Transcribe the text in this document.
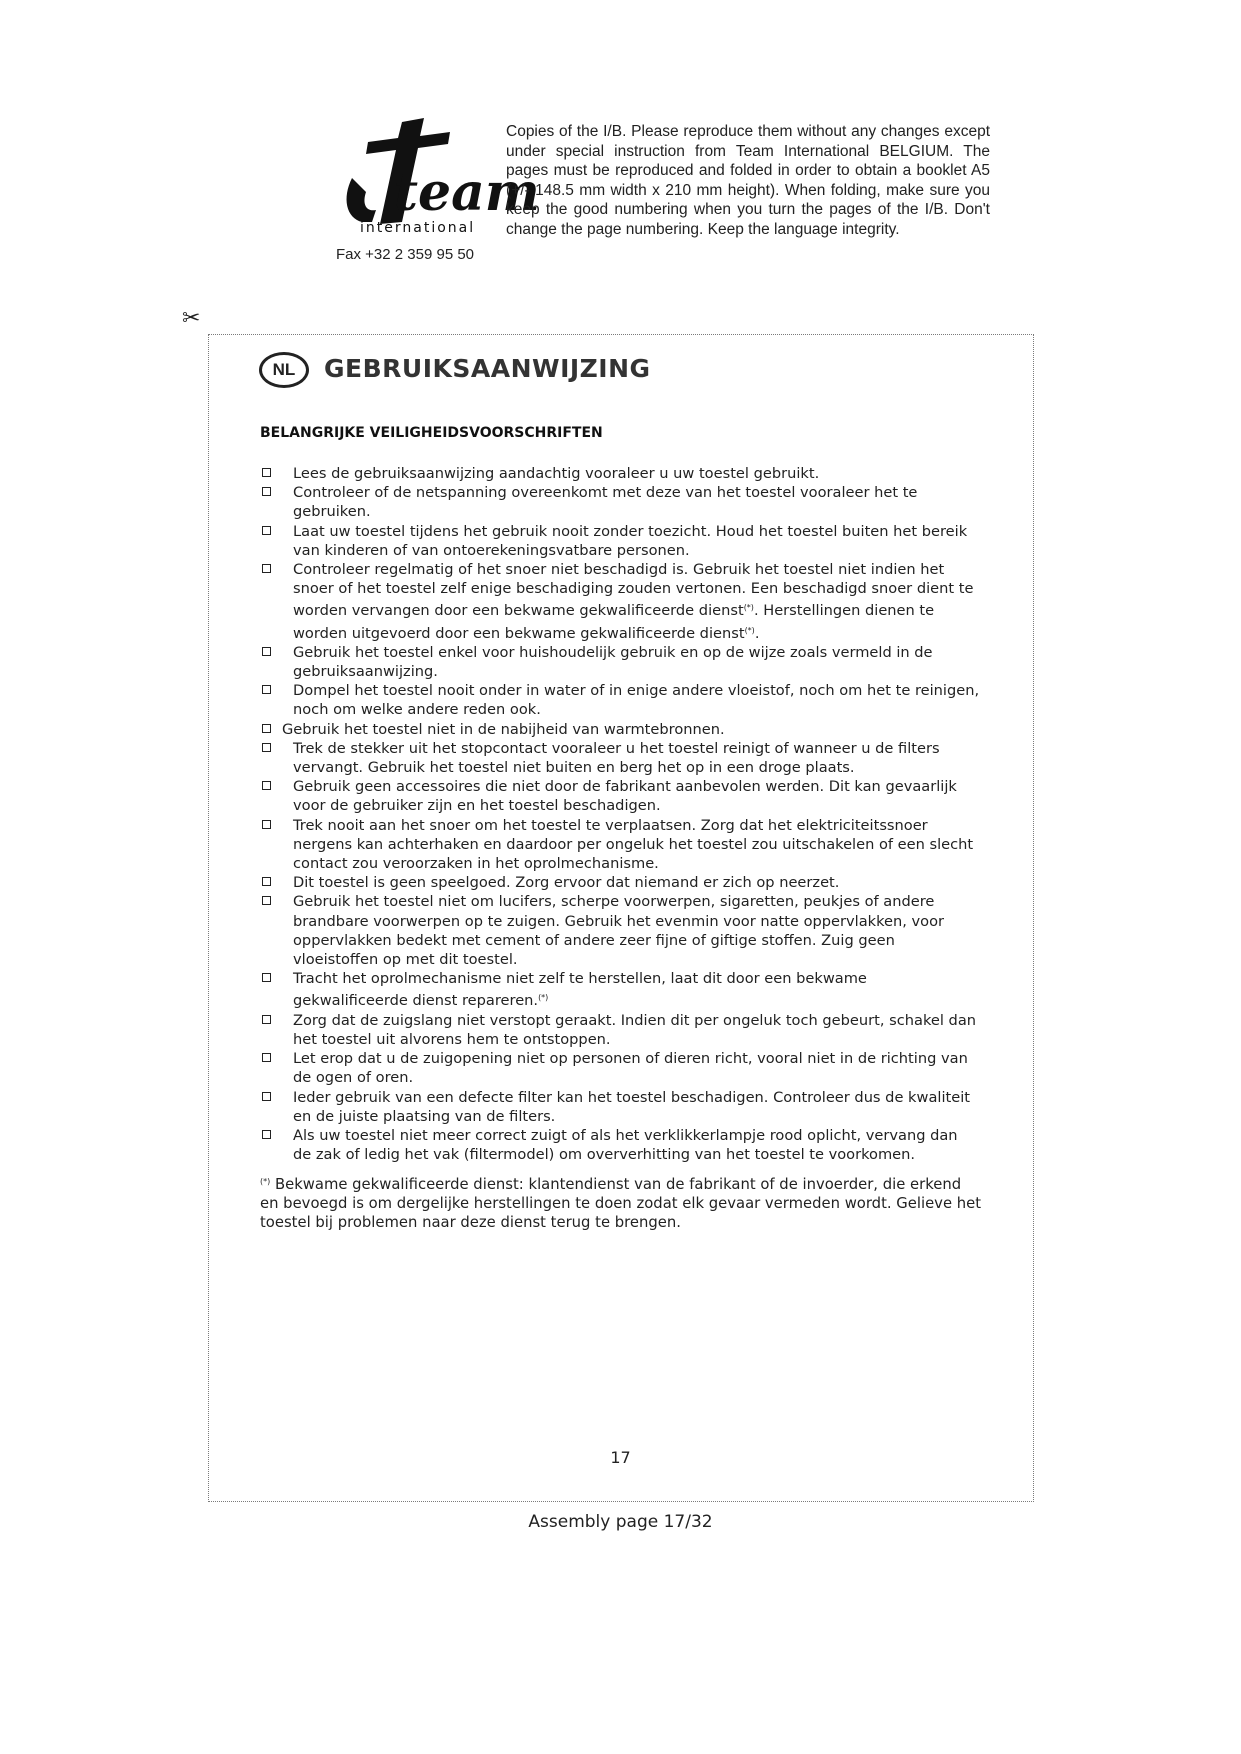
team
international
Fax +32 2 359 95 50
Copies of the I/B. Please reproduce them without any changes except under special instruction from Team International BELGIUM. The pages must be reproduced and folded in order to obtain a booklet A5 (+/- 148.5 mm width x 210 mm height). When folding, make sure you keep the good numbering when you turn the pages of the I/B. Don't change the page numbering. Keep the language integrity.
✂
NL	GEBRUIKSAANWIJZING
BELANGRIJKE VEILIGHEIDSVOORSCHRIFTEN
Lees de gebruiksaanwijzing aandachtig vooraleer u uw toestel gebruikt.
Controleer of de netspanning overeenkomt met deze van het toestel vooraleer het te gebruiken.
Laat uw toestel tijdens het gebruik nooit zonder toezicht. Houd het toestel buiten het bereik van kinderen of van ontoerekeningsvatbare personen.
Controleer regelmatig of het snoer niet beschadigd is. Gebruik het toestel niet indien het snoer of het toestel zelf enige beschadiging zouden vertonen. Een beschadigd snoer dient te worden vervangen door een bekwame gekwalificeerde dienst(*). Herstellingen dienen te worden uitgevoerd door een bekwame gekwalificeerde dienst(*).
Gebruik het toestel enkel voor huishoudelijk gebruik en op de wijze zoals vermeld in de gebruiksaanwijzing.
Dompel het toestel nooit onder in water of in enige andere vloeistof, noch om het te reinigen, noch om welke andere reden ook.
Gebruik het toestel niet in de nabijheid van warmtebronnen.
Trek de stekker uit het stopcontact vooraleer u het toestel reinigt of wanneer u de filters vervangt. Gebruik het toestel niet buiten en berg het op in een droge plaats.
Gebruik geen accessoires die niet door de fabrikant aanbevolen werden. Dit kan gevaarlijk voor de gebruiker zijn en het toestel beschadigen.
Trek nooit aan het snoer om het toestel te verplaatsen. Zorg dat het elektriciteitssnoer nergens kan achterhaken en daardoor per ongeluk het toestel zou uitschakelen of een slecht contact zou veroorzaken in het oprolmechanisme.
Dit toestel is geen speelgoed. Zorg ervoor dat niemand er zich op neerzet.
Gebruik het toestel niet om lucifers, scherpe voorwerpen, sigaretten, peukjes of andere brandbare voorwerpen op te zuigen. Gebruik het evenmin voor natte oppervlakken, voor oppervlakken bedekt met cement of andere zeer fijne of giftige stoffen. Zuig geen vloeistoffen op met dit toestel.
Tracht het oprolmechanisme niet zelf te herstellen, laat dit door een bekwame gekwalificeerde dienst repareren.(*)
Zorg dat de zuigslang niet verstopt geraakt. Indien dit per ongeluk toch gebeurt, schakel dan het toestel uit alvorens hem te ontstoppen.
Let erop dat u de zuigopening niet op personen of dieren richt, vooral niet in de richting van de ogen of oren.
Ieder gebruik van een defecte filter kan het toestel beschadigen. Controleer dus de kwaliteit en de juiste plaatsing van de filters.
Als uw toestel niet meer correct zuigt of als het verklikkerlampje rood oplicht, vervang dan de zak of ledig het vak (filtermodel) om oververhitting van het toestel te voorkomen.
(*) Bekwame gekwalificeerde dienst: klantendienst van de fabrikant of de invoerder, die erkend en bevoegd is om dergelijke herstellingen te doen zodat elk gevaar vermeden wordt. Gelieve het toestel bij problemen naar deze dienst terug te brengen.
17
Assembly page 17/32
